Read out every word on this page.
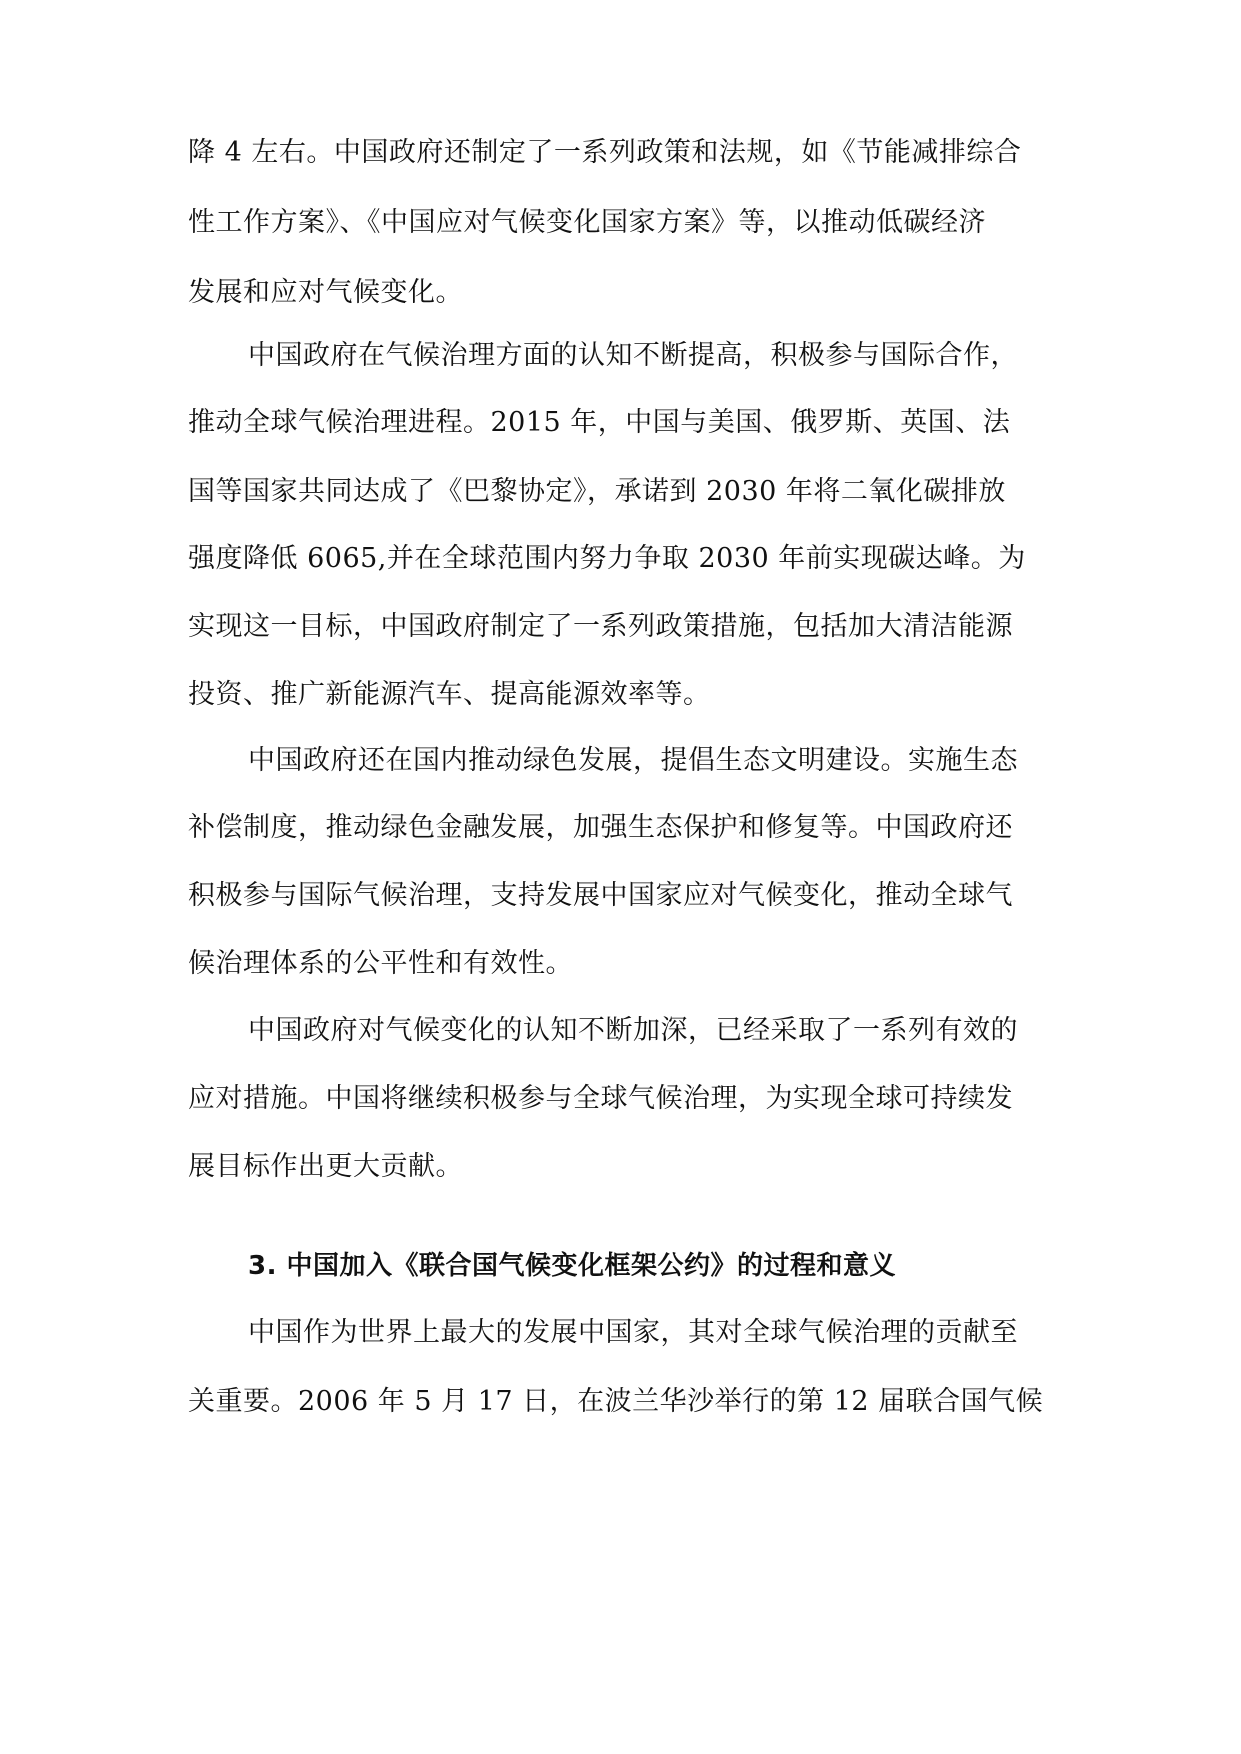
降 4 左右。中国政府还制定了一系列政策和法规，如《节能减排综合
性工作方案》、《中国应对气候变化国家方案》等，以推动低碳经济
发展和应对气候变化。
中国政府在气候治理方面的认知不断提高，积极参与国际合作，
推动全球气候治理进程。2015 年，中国与美国、俄罗斯、英国、法
国等国家共同达成了《巴黎协定》，承诺到 2030 年将二氧化碳排放
强度降低 6065,并在全球范围内努力争取 2030 年前实现碳达峰。为
实现这一目标，中国政府制定了一系列政策措施，包括加大清洁能源
投资、推广新能源汽车、提高能源效率等。
中国政府还在国内推动绿色发展，提倡生态文明建设。实施生态
补偿制度，推动绿色金融发展，加强生态保护和修复等。中国政府还
积极参与国际气候治理，支持发展中国家应对气候变化，推动全球气
候治理体系的公平性和有效性。
中国政府对气候变化的认知不断加深，已经采取了一系列有效的
应对措施。中国将继续积极参与全球气候治理，为实现全球可持续发
展目标作出更大贡献。
3. 中国加入《联合国气候变化框架公约》的过程和意义
中国作为世界上最大的发展中国家，其对全球气候治理的贡献至
关重要。2006 年 5 月 17 日，在波兰华沙举行的第 12 届联合国气候
